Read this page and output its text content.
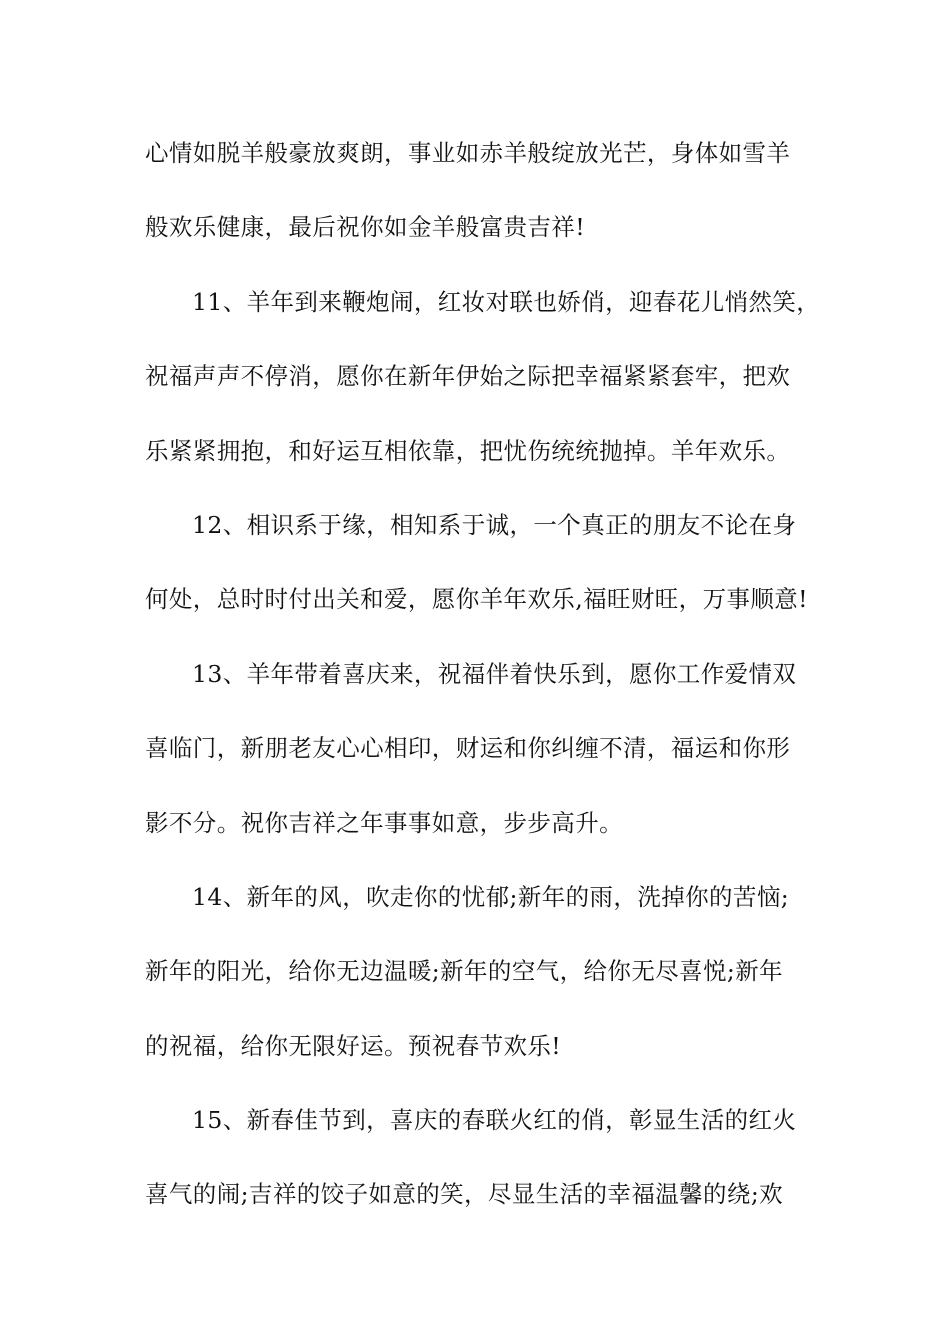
心情如脱羊般豪放爽朗，事业如赤羊般绽放光芒，身体如雪羊
般欢乐健康，最后祝你如金羊般富贵吉祥!
11、羊年到来鞭炮闹，红妆对联也娇俏，迎春花儿悄然笑，
祝福声声不停消，愿你在新年伊始之际把幸福紧紧套牢，把欢
乐紧紧拥抱，和好运互相依靠，把忧伤统统抛掉。羊年欢乐。
12、相识系于缘，相知系于诚，一个真正的朋友不论在身
何处，总时时付出关和爱，愿你羊年欢乐,福旺财旺，万事顺意!
13、羊年带着喜庆来，祝福伴着快乐到，愿你工作爱情双
喜临门，新朋老友心心相印，财运和你纠缠不清，福运和你形
影不分。祝你吉祥之年事事如意，步步高升。
14、新年的风，吹走你的忧郁;新年的雨，洗掉你的苦恼;
新年的阳光，给你无边温暖;新年的空气，给你无尽喜悦;新年
的祝福，给你无限好运。预祝春节欢乐!
15、新春佳节到，喜庆的春联火红的俏，彰显生活的红火
喜气的闹;吉祥的饺子如意的笑，尽显生活的幸福温馨的绕;欢
